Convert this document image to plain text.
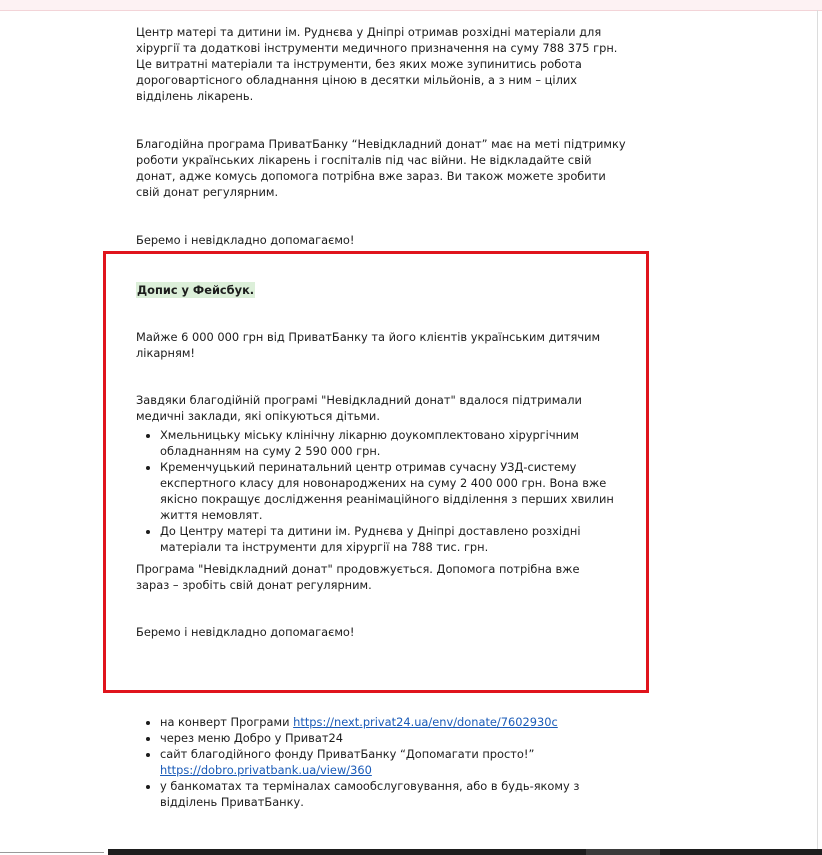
Центр матері та дитини ім. Руднєва у Дніпрі отримав розхідні матеріали для хірургії та додаткові інструменти медичного призначення на суму 788 375 грн. Це витратні матеріали та інструменти, без яких може зупинитись робота дороговартісного обладнання ціною в десятки мільйонів, а з ним – цілих відділень лікарень.

Благодійна програма ПриватБанку “Невідкладний донат” має на меті підтримку роботи українських лікарень і госпіталів під час війни. Не відкладайте свій донат, адже комусь допомога потрібна вже зараз. Ви також можете зробити свій донат регулярним.

Беремо і невідкладно допомагаємо!

Допис у Фейсбук.

Майже 6 000 000 грн від ПриватБанку та його клієнтів українським дитячим лікарням!

Завдяки благодійній програмі "Невідкладний донат" вдалося підтримали медичні заклади, які опікуються дітьми.

• Хмельницьку міську клінічну лікарню доукомплектовано хірургічним обладнанням на суму 2 590 000 грн.
• Кременчуцький перинатальний центр отримав сучасну УЗД-систему експертного класу для новонароджених на суму 2 400 000 грн. Вона вже якісно покращує дослідження реанімаційного відділення з перших хвилин життя немовлят.
• До Центру матері та дитини ім. Руднєва у Дніпрі доставлено розхідні матеріали та інструменти для хірургії на 788 тис. грн.

Програма "Невідкладний донат" продовжується. Допомога потрібна вже зараз – зробіть свій донат регулярним.

Беремо і невідкладно допомагаємо!

• на конверт Програми https://next.privat24.ua/env/donate/7602930c
• через меню Добро у Приват24
• сайт благодійного фонду ПриватБанку “Допомагати просто!” https://dobro.privatbank.ua/view/360
• у банкоматах та терміналах самообслуговування, або в будь-якому з відділень ПриватБанку.
